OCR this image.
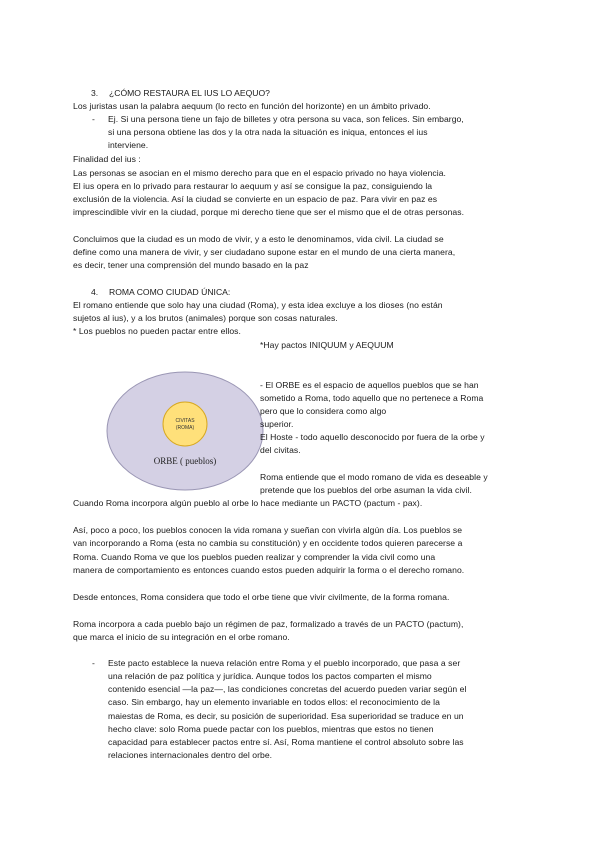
3. ¿CÓMO RESTAURA EL IUS LO AEQUO?
Los juristas usan la palabra aequum (lo recto en función del horizonte) en un ámbito privado.
- Ej. Si una persona tiene un fajo de billetes y otra persona su vaca, son felices. Sin embargo,
si una persona obtiene las dos y la otra nada la situación es iniqua, entonces el ius
interviene.
Finalidad del ius :
Las personas se asocian en el mismo derecho para que en el espacio privado no haya violencia.
El ius opera en lo privado para restaurar lo aequum y así se consigue la paz, consiguiendo la
exclusión de la violencia. Así la ciudad se convierte en un espacio de paz. Para vivir en paz es
imprescindible vivir en la ciudad, porque mi derecho tiene que ser el mismo que el de otras personas.
Concluimos que la ciudad es un modo de vivir, y a esto le denominamos, vida civil. La ciudad se
define como una manera de vivir, y ser ciudadano supone estar en el mundo de una cierta manera,
es decir, tener una comprensión del mundo basado en la paz
4. ROMA COMO CIUDAD ÚNICA:
El romano entiende que solo hay una ciudad (Roma), y esta idea excluye a los dioses (no están
sujetos al ius), y a los brutos (animales) porque son cosas naturales.
* Los pueblos no pueden pactar entre ellos.
*Hay pactos INIQUUM y AEQUUM
CIVITAS
(ROMA)
ORBE ( pueblos)
- El ORBE es el espacio de aquellos pueblos que se han
sometido a Roma, todo aquello que no pertenece a Roma
pero que lo considera como algo
superior.
El Hoste - todo aquello desconocido por fuera de la orbe y
del civitas.
Roma entiende que el modo romano de vida es deseable y
pretende que los pueblos del orbe asuman la vida civil.
Cuando Roma incorpora algún pueblo al orbe lo hace mediante un PACTO (pactum - pax).
Así, poco a poco, los pueblos conocen la vida romana y sueñan con vivirla algún día. Los pueblos se
van incorporando a Roma (esta no cambia su constitución) y en occidente todos quieren parecerse a
Roma. Cuando Roma ve que los pueblos pueden realizar y comprender la vida civil como una
manera de comportamiento es entonces cuando estos pueden adquirir la forma o el derecho romano.
Desde entonces, Roma considera que todo el orbe tiene que vivir civilmente, de la forma romana.
Roma incorpora a cada pueblo bajo un régimen de paz, formalizado a través de un PACTO (pactum),
que marca el inicio de su integración en el orbe romano.
- Este pacto establece la nueva relación entre Roma y el pueblo incorporado, que pasa a ser
una relación de paz política y jurídica. Aunque todos los pactos comparten el mismo
contenido esencial —la paz—, las condiciones concretas del acuerdo pueden variar según el
caso. Sin embargo, hay un elemento invariable en todos ellos: el reconocimiento de la
maiestas de Roma, es decir, su posición de superioridad. Esa superioridad se traduce en un
hecho clave: solo Roma puede pactar con los pueblos, mientras que estos no tienen
capacidad para establecer pactos entre sí. Así, Roma mantiene el control absoluto sobre las
relaciones internacionales dentro del orbe.
